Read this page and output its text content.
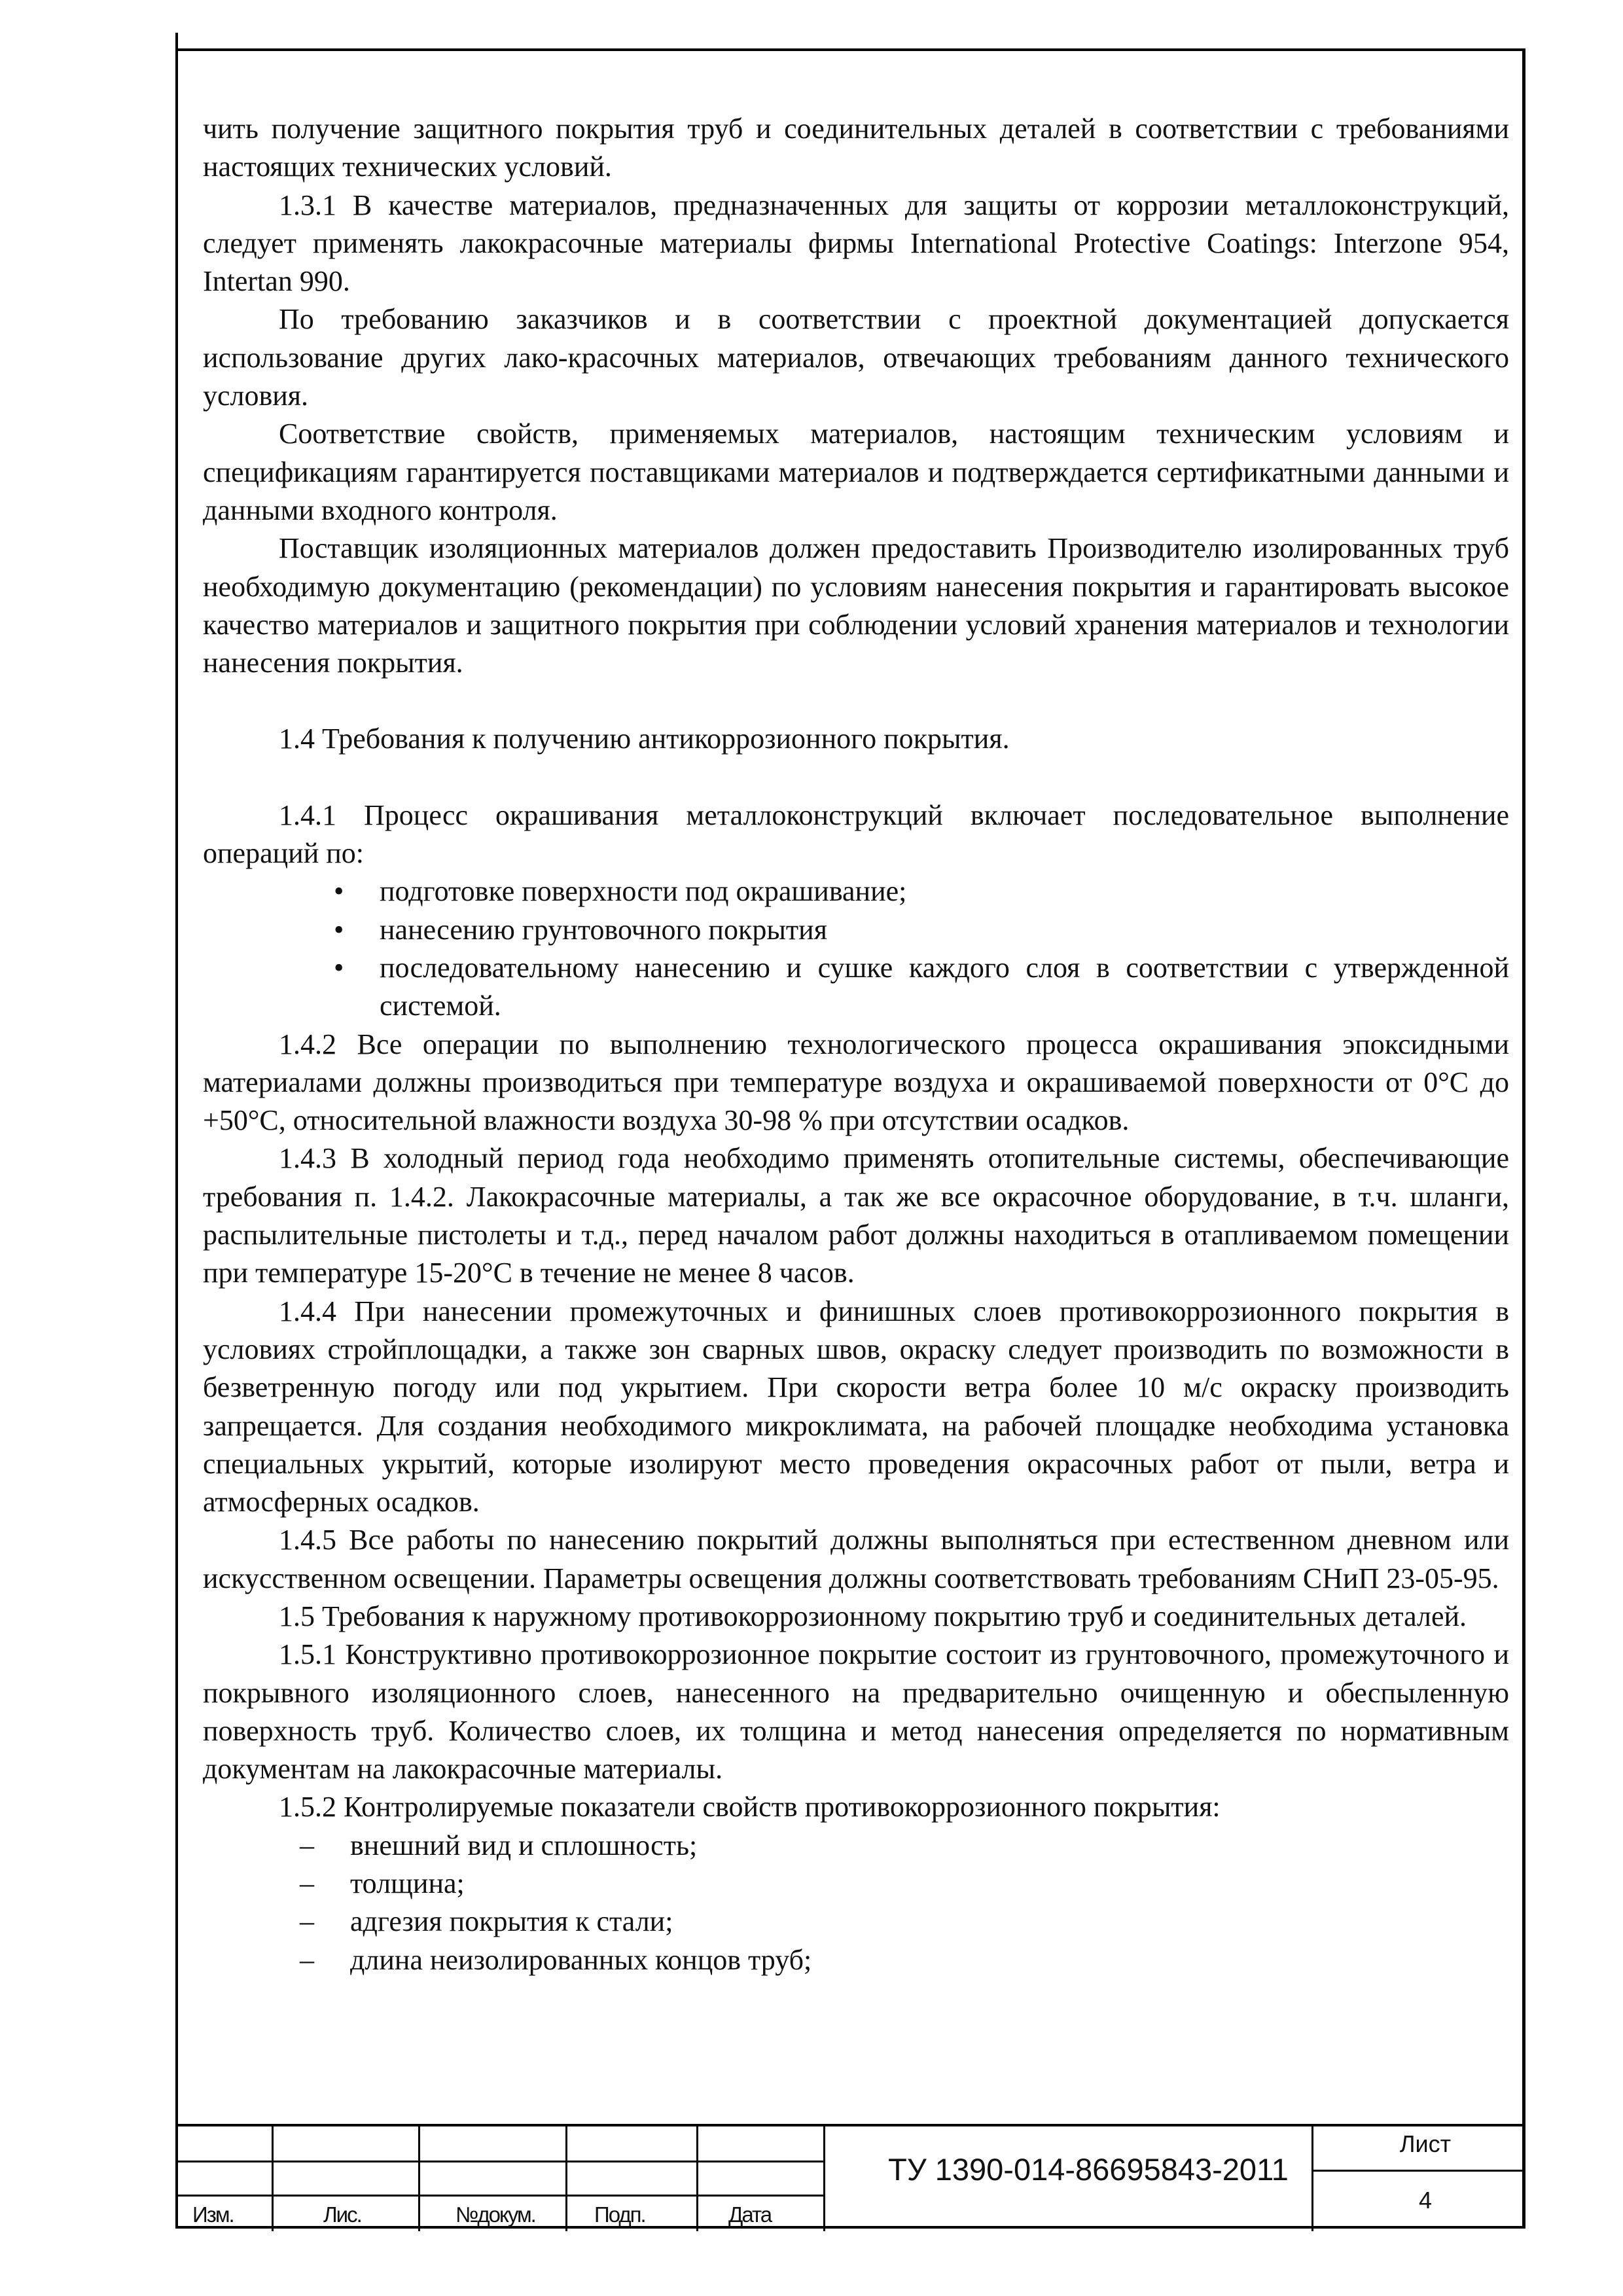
чить получение защитного покрытия труб и соединительных деталей в соответствии с требованиями настоящих технических условий.

1.3.1 В качестве материалов, предназначенных для защиты от коррозии металлоконструкций, следует применять лакокрасочные материалы фирмы International Protective Coatings: Interzone 954, Intertan 990.

По требованию заказчиков и в соответствии с проектной документацией допускается использование других лако-красочных материалов, отвечающих требованиям данного технического условия.

Соответствие свойств, применяемых материалов, настоящим техническим условиям и спецификациям гарантируется поставщиками материалов и подтверждается сертификатными данными и данными входного контроля.

Поставщик изоляционных материалов должен предоставить Производителю изолированных труб необходимую документацию (рекомендации) по условиям нанесения покрытия и гарантировать высокое качество материалов и защитного покрытия при соблюдении условий хранения материалов и технологии нанесения покрытия.

1.4 Требования к получению антикоррозионного покрытия.

1.4.1 Процесс окрашивания металлоконструкций включает последовательное выполнение операций по:

• подготовке поверхности под окрашивание;
• нанесению грунтовочного покрытия
• последовательному нанесению и сушке каждого слоя в соответствии с утвержденной системой.

1.4.2 Все операции по выполнению технологического процесса окрашивания эпоксидными материалами должны производиться при температуре воздуха и окрашиваемой поверхности от 0°С до +50°С, относительной влажности воздуха 30-98 % при отсутствии осадков.

1.4.3 В холодный период года необходимо применять отопительные системы, обеспечивающие требования п. 1.4.2. Лакокрасочные материалы, а так же все окрасочное оборудование, в т.ч. шланги, распылительные пистолеты и т.д., перед началом работ должны находиться в отапливаемом помещении при температуре 15-20°С в течение не менее 8 часов.

1.4.4 При нанесении промежуточных и финишных слоев противокоррозионного покрытия в условиях стройплощадки, а также зон сварных швов, окраску следует производить по возможности в безветренную погоду или под укрытием. При скорости ветра более 10 м/с окраску производить запрещается. Для создания необходимого микроклимата, на рабочей площадке необходима установка специальных укрытий, которые изолируют место проведения окрасочных работ от пыли, ветра и атмосферных осадков.

1.4.5 Все работы по нанесению покрытий должны выполняться при естественном дневном или искусственном освещении. Параметры освещения должны соответствовать требованиям СНиП 23-05-95.

1.5 Требования к наружному противокоррозионному покрытию труб и соединительных деталей.

1.5.1 Конструктивно противокоррозионное покрытие состоит из грунтовочного, промежуточного и покрывного изоляционного слоев, нанесенного на предварительно очищенную и обеспыленную поверхность труб. Количество слоев, их толщина и метод нанесения определяется по нормативным документам на лакокрасочные материалы.

1.5.2 Контролируемые показатели свойств противокоррозионного покрытия:

– внешний вид и сплошность;
– толщина;
– адгезия покрытия к стали;
– длина неизолированных концов труб;
Изм.	Лис.	№докум.	Подп.	Дата
ТУ 1390-014-86695843-2011
Лист
4
